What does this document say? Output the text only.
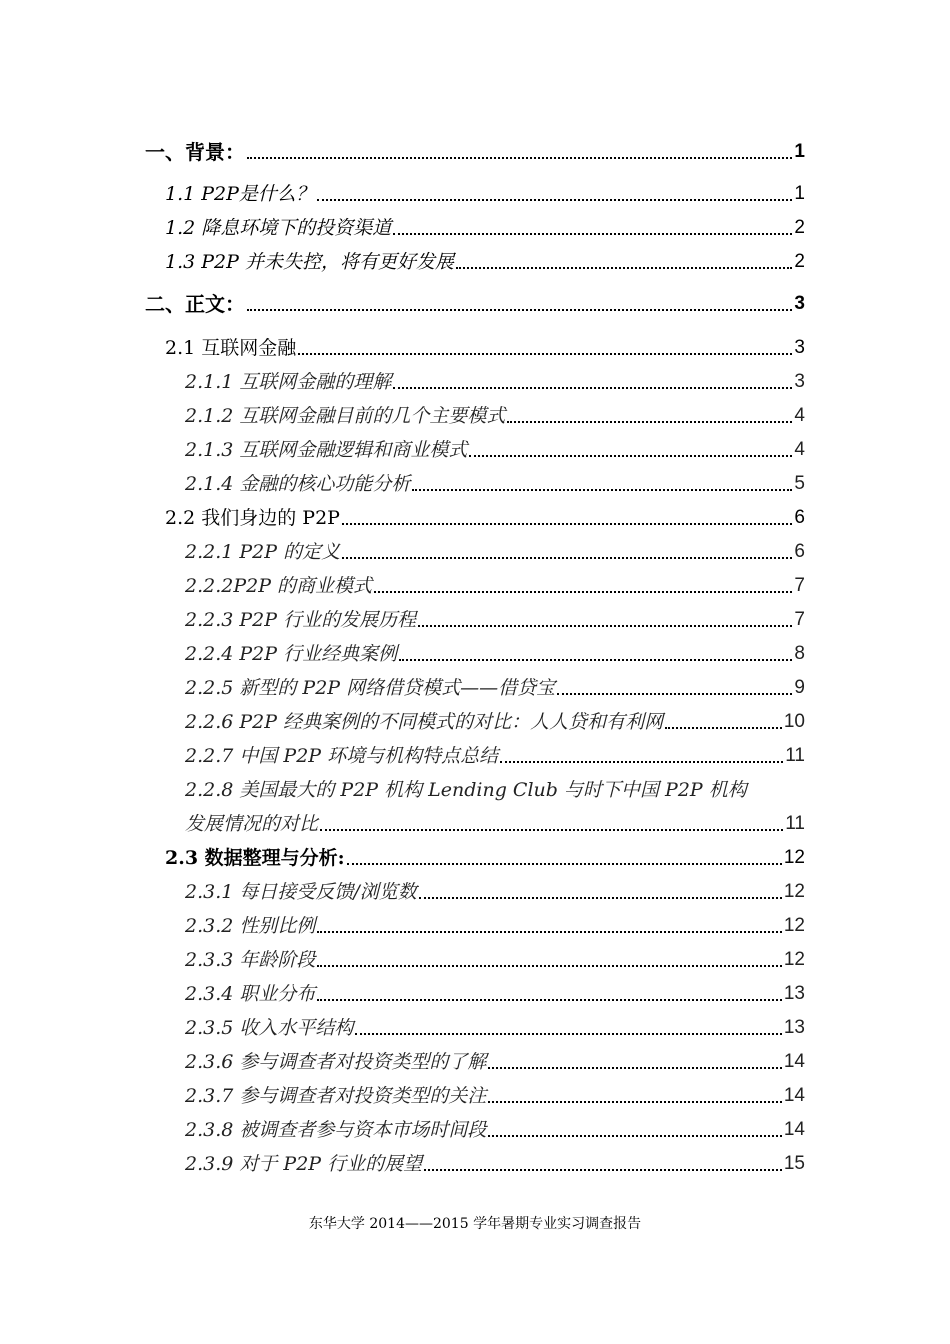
一、背景：	1
1.1 P2P是什么？	1
1.2 降息环境下的投资渠道	2
1.3 P2P 并未失控，将有更好发展	2
二、正文：	3
2.1 互联网金融	3
2.1.1 互联网金融的理解	3
2.1.2 互联网金融目前的几个主要模式	4
2.1.3 互联网金融逻辑和商业模式	4
2.1.4 金融的核心功能分析	5
2.2 我们身边的 P2P	6
2.2.1 P2P 的定义	6
2.2.2P2P 的商业模式	7
2.2.3 P2P 行业的发展历程	7
2.2.4 P2P 行业经典案例	8
2.2.5 新型的 P2P 网络借贷模式——借贷宝	9
2.2.6 P2P 经典案例的不同模式的对比：人人贷和有利网	10
2.2.7 中国 P2P 环境与机构特点总结	11
2.2.8 美国最大的 P2P 机构 Lending Club 与时下中国 P2P 机构
发展情况的对比	11
2.3 数据整理与分析:	12
2.3.1 每日接受反馈/浏览数	12
2.3.2 性别比例	12
2.3.3 年龄阶段	12
2.3.4 职业分布	13
2.3.5 收入水平结构	13
2.3.6 参与调查者对投资类型的了解	14
2.3.7 参与调查者对投资类型的关注	14
2.3.8 被调查者参与资本市场时间段	14
2.3.9 对于 P2P 行业的展望	15
东华大学 2014——2015 学年暑期专业实习调查报告
